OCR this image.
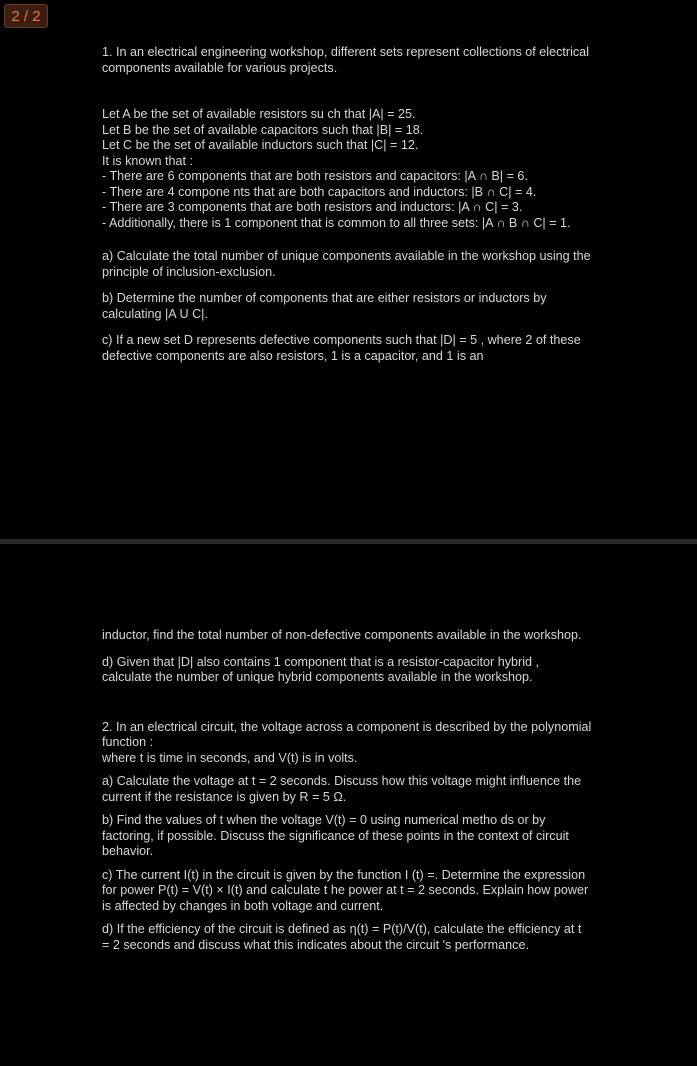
1. In an electrical engineering workshop, different sets represent collections of electrical components available for various projects.

Let A be the set of available resistors su ch that |A| = 25.

Let B be the set of available capacitors such that |B| = 18.

Let C be the set of available inductors such that |C| = 12.

It is known that :

- There are 6 components that are both resistors and capacitors: |A ∩ B| = 6.

- There are 4 compone nts that are both capacitors and inductors: |B ∩ C| = 4.

- There are 3 components that are both resistors and inductors: |A ∩ C| = 3.

- Additionally, there is 1 component that is common to all three sets: |A ∩ B ∩ C| = 1.

a) Calculate the total number of unique components available in the workshop using the principle of inclusion-exclusion.

b) Determine the number of components that are either resistors or inductors by calculating |A U C|.

c) If a new set D represents defective components such that |D| = 5 , where 2 of these defective components are also resistors, 1 is a capacitor, and 1 is an

inductor, find the total number of non-defective components available in the workshop.

d) Given that |D| also contains 1 component that is a resistor-capacitor hybrid , calculate the number of unique hybrid components available in the workshop.

2. In an electrical circuit, the voltage across a component is described by the polynomial function :

where t is time in seconds, and V(t) is in volts.

a) Calculate the voltage at t = 2 seconds. Discuss how this voltage might influence the current if the resistance is given by R = 5 Ω.

b) Find the values of t when the voltage V(t) = 0 using numerical metho ds or by factoring, if possible. Discuss the significance of these points in the context of circuit behavior.

c) The current I(t) in the circuit is given by the function I (t) =. Determine the expression for power P(t) = V(t) × I(t) and calculate t he power at t = 2 seconds. Explain how power is affected by changes in both voltage and current.

d) If the efficiency of the circuit is defined as η(t) = P(t)/V(t), calculate the efficiency at t = 2 seconds and discuss what this indicates about the circuit 's performance.

2 / 2
